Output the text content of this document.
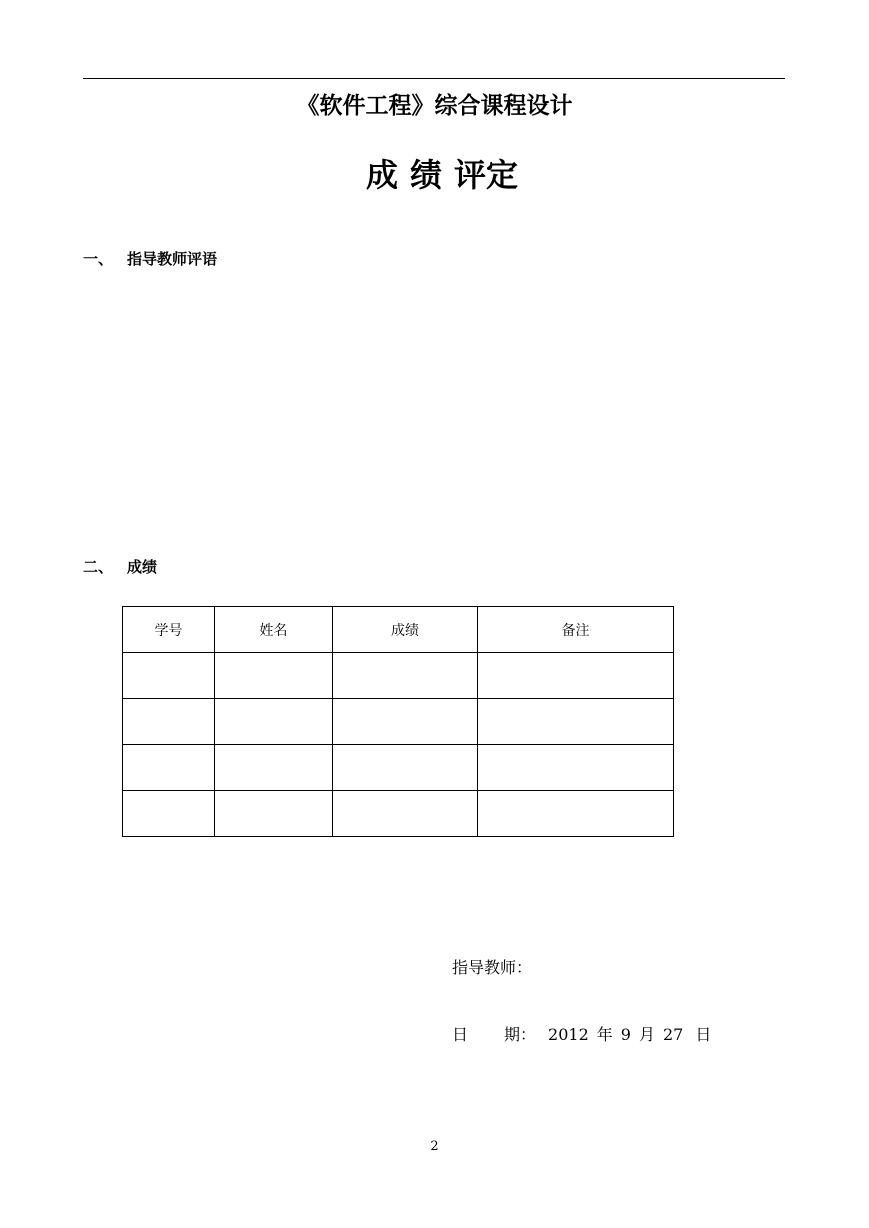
《软件工程》综合课程设计
成 绩 评定
一、 指导教师评语
二、 成绩
学号	姓名	成绩	备注

指导教师：
日 期： 2012 年 9 月 27 日
2
